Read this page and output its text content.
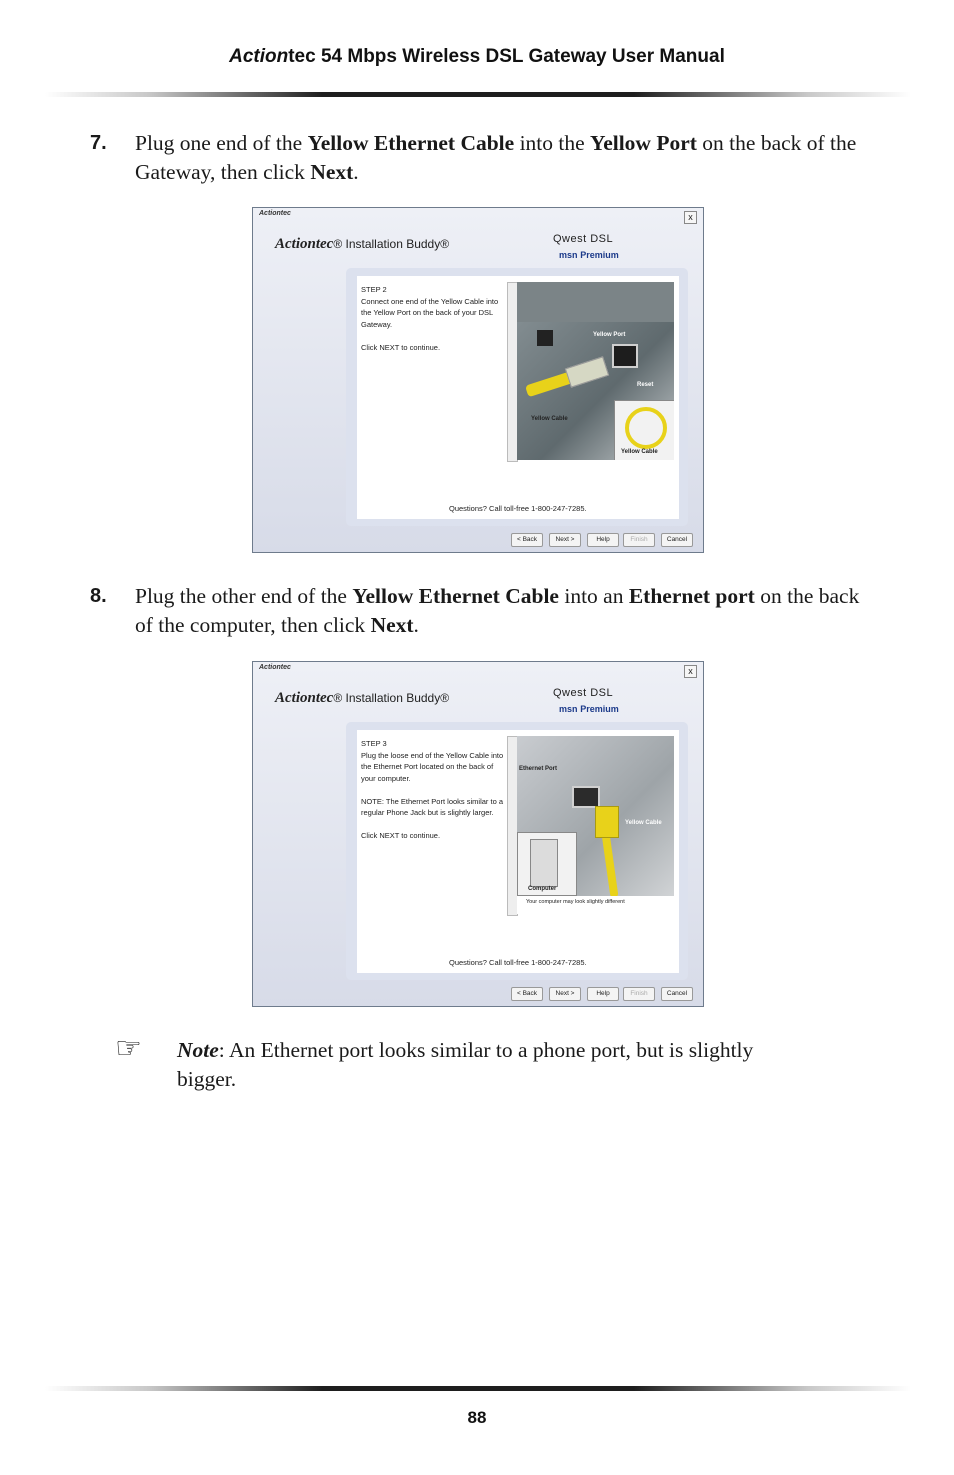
Actiontec 54 Mbps Wireless DSL Gateway User Manual
7. Plug one end of the Yellow Ethernet Cable into the Yellow Port on the back of the Gateway, then click Next.
Actiontec	x
Actiontec® Installation Buddy®	Qwest DSL
msn Premium
STEP 2
Connect one end of the Yellow Cable into the Yellow Port on the back of your DSL Gateway.

Click NEXT to continue.
Yellow Port
Reset
Yellow Cable
Yellow Cable
Questions? Call toll-free 1-800-247-7285.
< Back	Next >	Help	Finish	Cancel
8. Plug the other end of the Yellow Ethernet Cable into an Ethernet port on the back of the computer, then click Next.
Actiontec	x
Actiontec® Installation Buddy®	Qwest DSL
msn Premium
STEP 3
Plug the loose end of the Yellow Cable into the Ethernet Port located on the back of your computer.

NOTE: The Ethernet Port looks similar to a regular Phone Jack but is slightly larger.

Click NEXT to continue.
Ethernet Port
Yellow Cable
Computer
Your computer may look slightly different
Questions? Call toll-free 1-800-247-7285.
< Back	Next >	Help	Finish	Cancel
☞ Note: An Ethernet port looks similar to a phone port, but is slightly bigger.
88
